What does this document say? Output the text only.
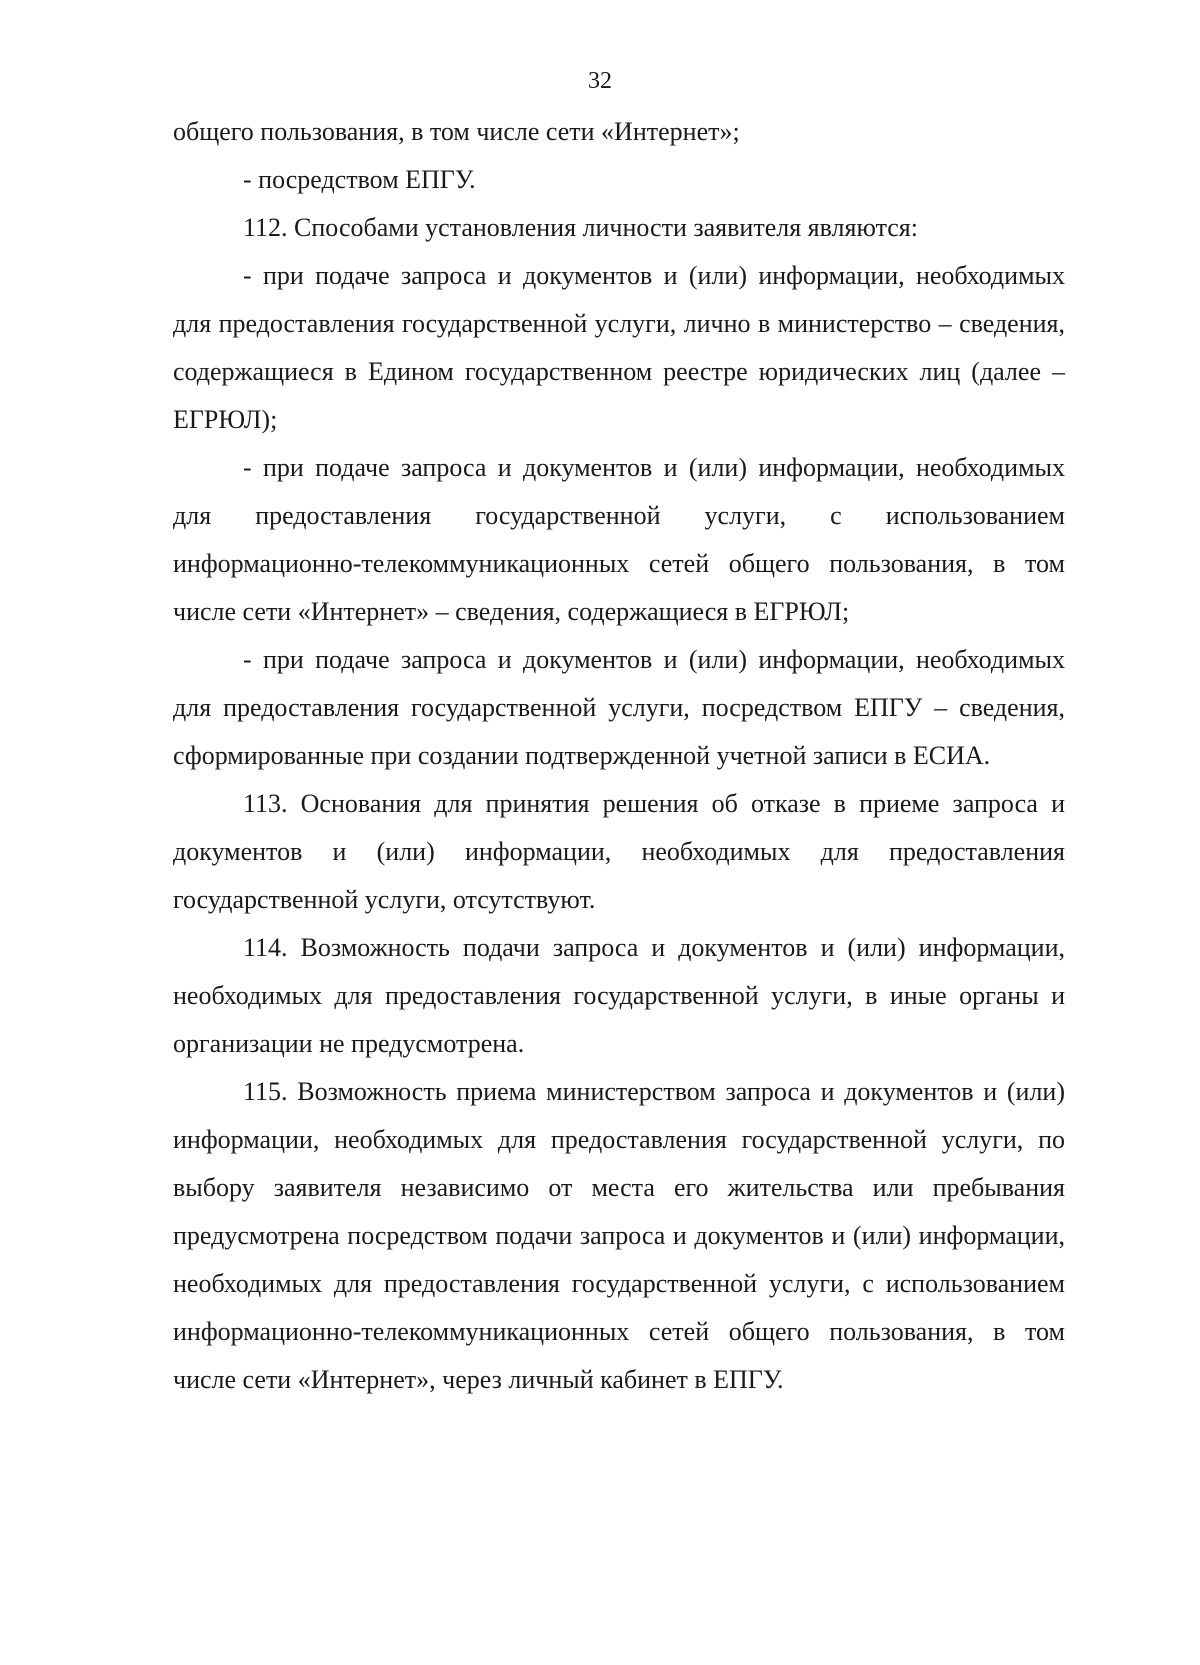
32

общего пользования, в том числе сети «Интернет»;

- посредством ЕПГУ.

112. Способами установления личности заявителя являются:

- при подаче запроса и документов и (или) информации, необходимых для предоставления государственной услуги, лично в министерство – сведения, содержащиеся в Едином государственном реестре юридических лиц (далее – ЕГРЮЛ);

- при подаче запроса и документов и (или) информации, необходимых для предоставления государственной услуги, с использованием информационно-телекоммуникационных сетей общего пользования, в том числе сети «Интернет» – сведения, содержащиеся в ЕГРЮЛ;

- при подаче запроса и документов и (или) информации, необходимых для предоставления государственной услуги, посредством ЕПГУ – сведения, сформированные при создании подтвержденной учетной записи в ЕСИА.

113. Основания для принятия решения об отказе в приеме запроса и документов и (или) информации, необходимых для предоставления государственной услуги, отсутствуют.

114. Возможность подачи запроса и документов и (или) информации, необходимых для предоставления государственной услуги, в иные органы и организации не предусмотрена.

115. Возможность приема министерством запроса и документов и (или) информации, необходимых для предоставления государственной услуги, по выбору заявителя независимо от места его жительства или пребывания предусмотрена посредством подачи запроса и документов и (или) информации, необходимых для предоставления государственной услуги, с использованием информационно-телекоммуникационных сетей общего пользования, в том числе сети «Интернет», через личный кабинет в ЕПГУ.
